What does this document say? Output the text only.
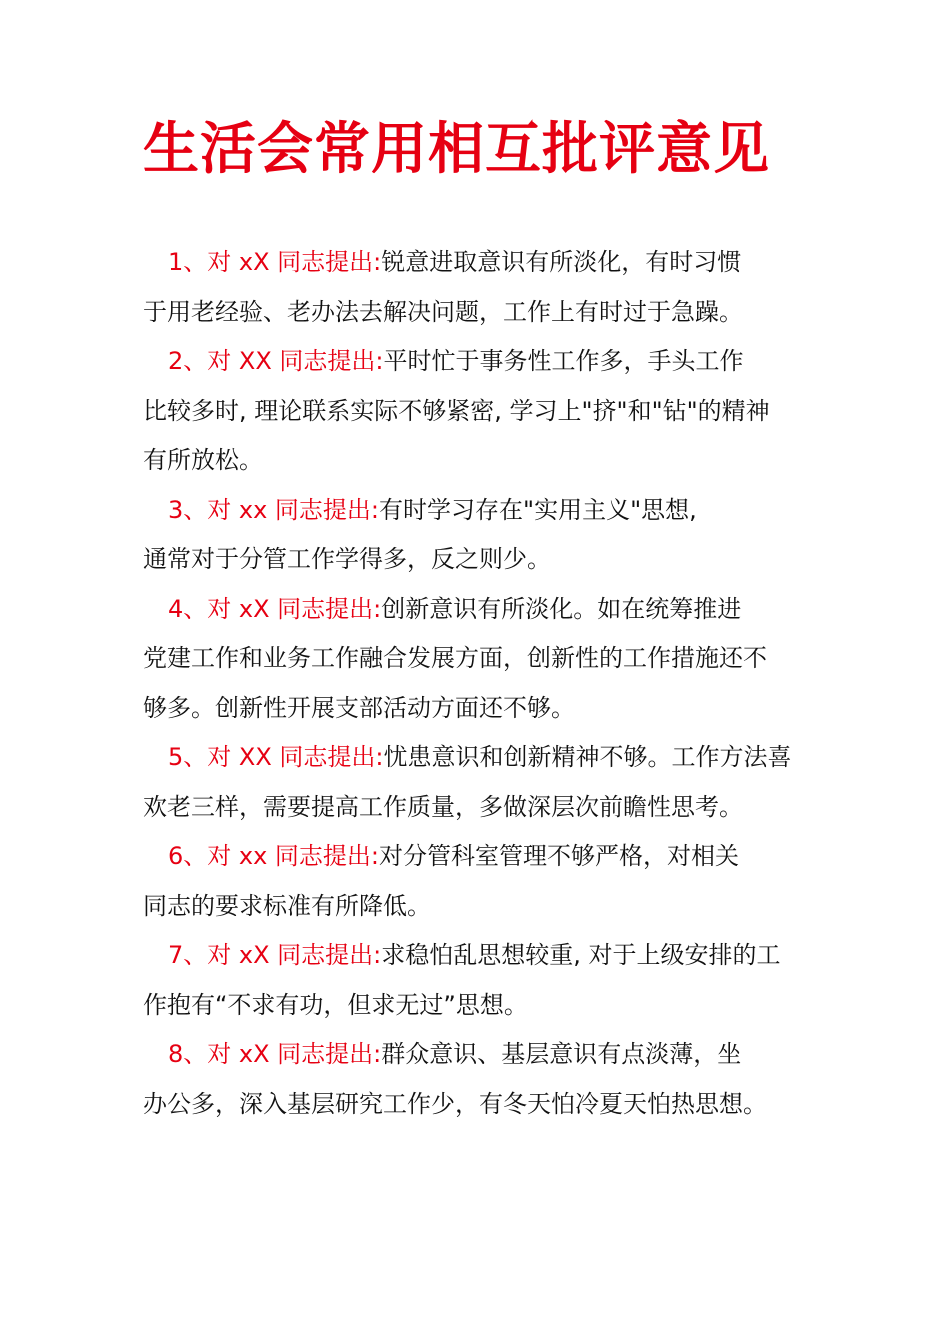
生活会常用相互批评意见
1、对 xX 同志提出:锐意进取意识有所淡化，有时习惯
于用老经验、老办法去解决问题，工作上有时过于急躁。
2、对 XX 同志提出:平时忙于事务性工作多，手头工作
比较多时, 理论联系实际不够紧密, 学习上"挤"和"钻"的精神
有所放松。
3、对 xx 同志提出:有时学习存在"实用主义"思想,
通常对于分管工作学得多，反之则少。
4、对 xX 同志提出:创新意识有所淡化。如在统筹推进
党建工作和业务工作融合发展方面，创新性的工作措施还不
够多。创新性开展支部活动方面还不够。
5、对 XX 同志提出:忧患意识和创新精神不够。工作方法喜
欢老三样，需要提高工作质量，多做深层次前瞻性思考。
6、对 xx 同志提出:对分管科室管理不够严格，对相关
同志的要求标准有所降低。
7、对 xX 同志提出:求稳怕乱思想较重, 对于上级安排的工
作抱有“不求有功，但求无过”思想。
8、对 xX 同志提出:群众意识、基层意识有点淡薄，坐
办公多，深入基层研究工作少，有冬天怕冷夏天怕热思想。
